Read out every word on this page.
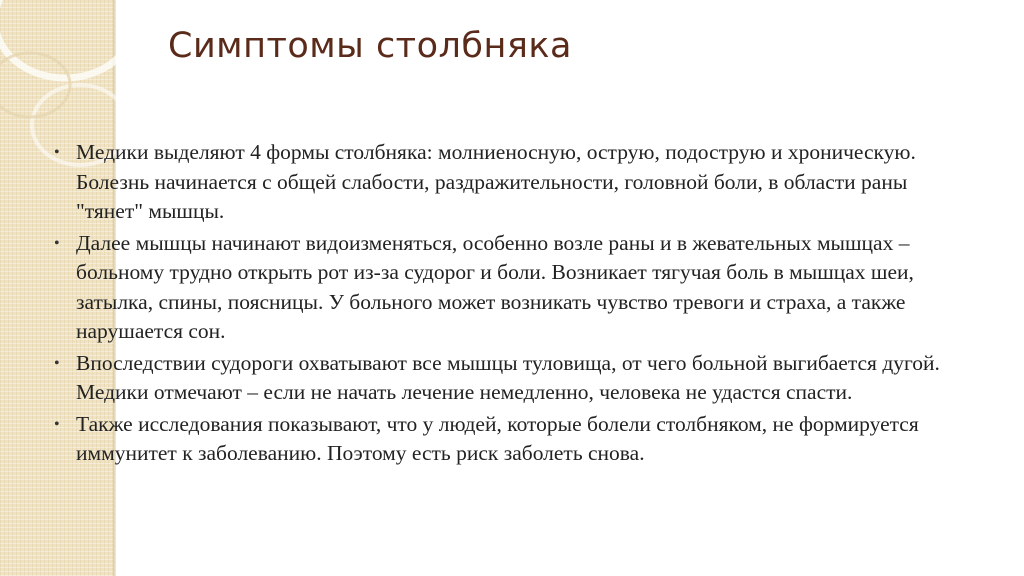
Симптомы столбняка
• Медики выделяют 4 формы столбняка: молниеносную, острую, подострую и хроническую. Болезнь начинается с общей слабости, раздражительности, головной боли, в области раны "тянет" мышцы.
• Далее мышцы начинают видоизменяться, особенно возле раны и в жевательных мышцах – больному трудно открыть рот из-за судорог и боли. Возникает тягучая боль в мышцах шеи, затылка, спины, поясницы. У больного может возникать чувство тревоги и страха, а также нарушается сон.
• Впоследствии судороги охватывают все мышцы туловища, от чего больной выгибается дугой. Медики отмечают – если не начать лечение немедленно, человека не удастся спасти.
• Также исследования показывают, что у людей, которые болели столбняком, не формируется иммунитет к заболеванию. Поэтому есть риск заболеть снова.
